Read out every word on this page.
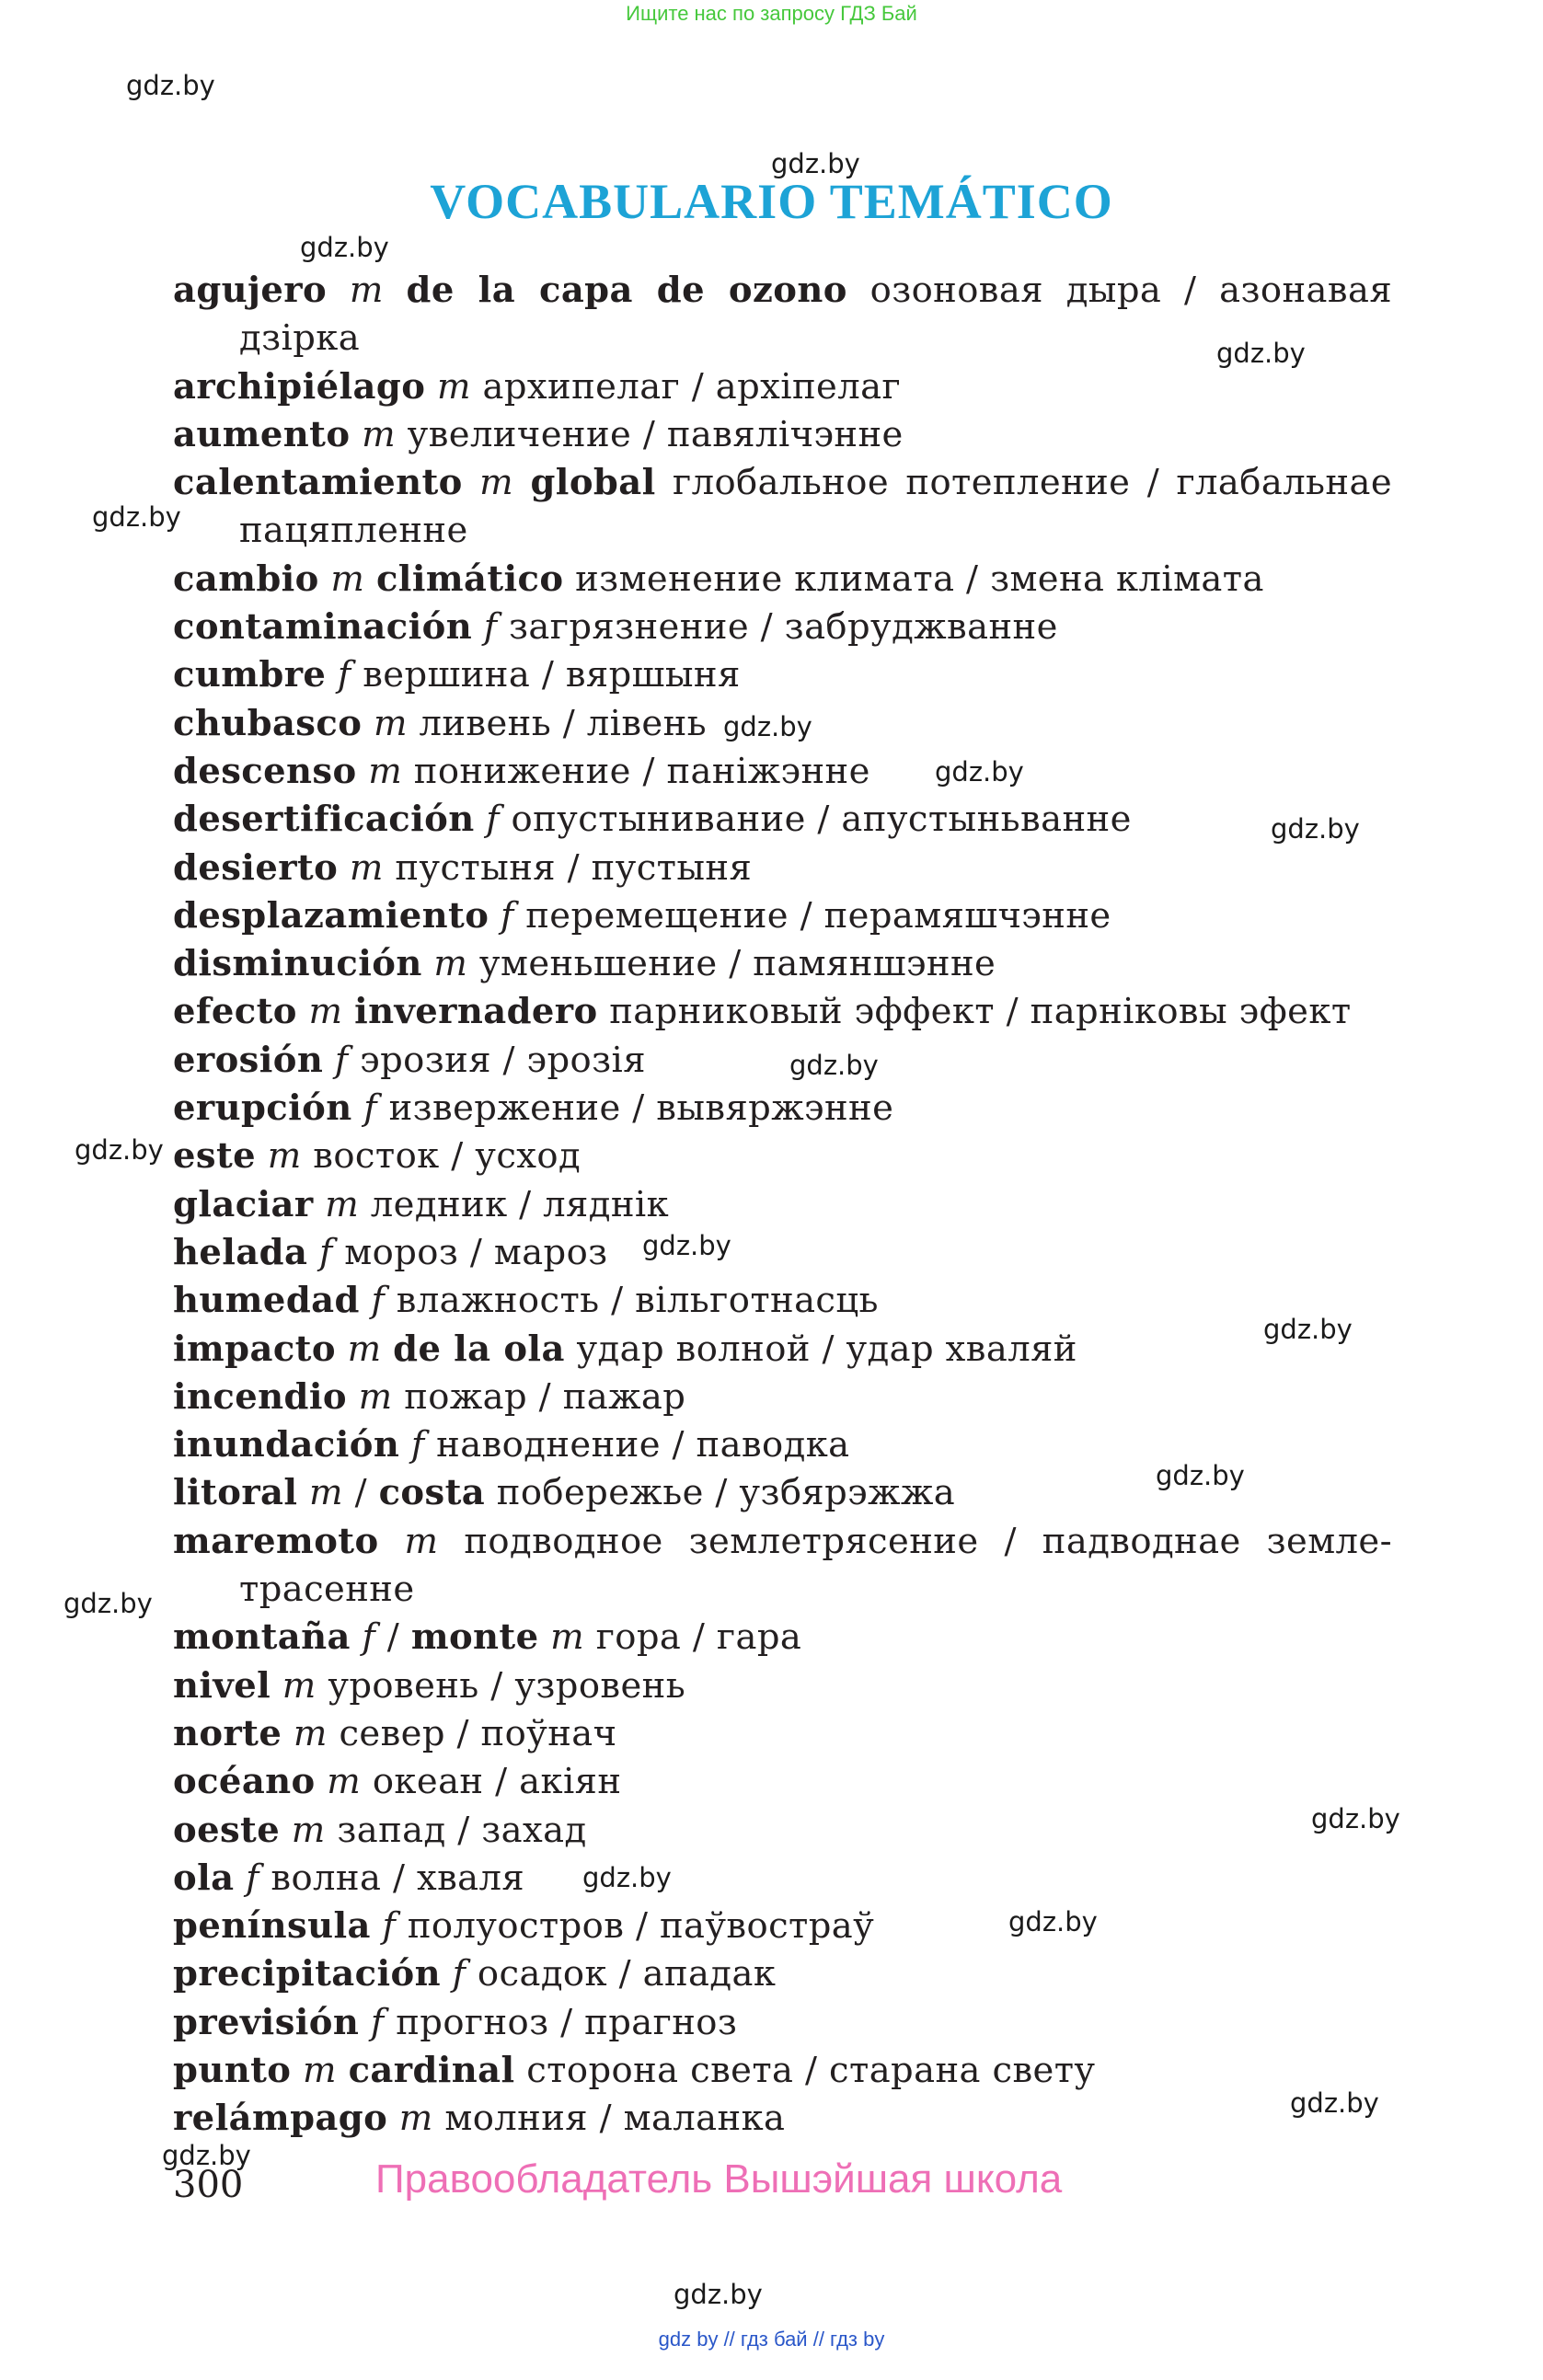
Ищите нас по запросу ГДЗ Бай
gdz.by
gdz.by
gdz.by
gdz.by
gdz.by
gdz.by
gdz.by
gdz.by
gdz.by
gdz.by
gdz.by
gdz.by
gdz.by
gdz.by
gdz.by
gdz.by
gdz.by
gdz.by
gdz.by
gdz.by
VOCABULARIO TEMÁTICO
agujero m de la capa de ozono озоновая дыра / азонавая дзірка
archipiélago m архипелаг / архіпелаг
aumento m увеличение / павялічэнне
calentamiento m global глобальное потепление / глабальнае пацяпленне
cambio m climático изменение климата / змена клімата
contaminación f загрязнение / забруджванне
cumbre f вершина / вяршыня
chubasco m ливень / лівень
descenso m понижение / паніжэнне
desertificación f опустынивание / апустыньванне
desierto m пустыня / пустыня
desplazamiento f перемещение / перамяшчэнне
disminución m уменьшение / памяншэнне
efecto m invernadero парниковый эффект / парніковы эфект
erosión f эрозия / эрозія
erupción f извержение / вывяржэнне
este m восток / усход
glaciar m ледник / ляднік
helada f мороз / мароз
humedad f влажность / вільготнасць
impacto m de la ola удар волной / удар хваляй
incendio m пожар / пажар
inundación f наводнение / паводка
litoral m / costa побережье / узбярэжжа
maremoto m подводное землетрясение / падводнае земле-трасенне
montaña f / monte m гора / гара
nivel m уровень / узровень
norte m север / поўнач
océano m океан / акіян
oeste m запад / захад
ola f волна / хваля
península f полуостров / паўвостраў
precipitación f осадок / ападак
previsión f прогноз / прагноз
punto m cardinal сторона света / старана свету
relámpago m молния / маланка
300	Правообладатель Вышэйшая школа
gdz by // гдз бай // гдз by
